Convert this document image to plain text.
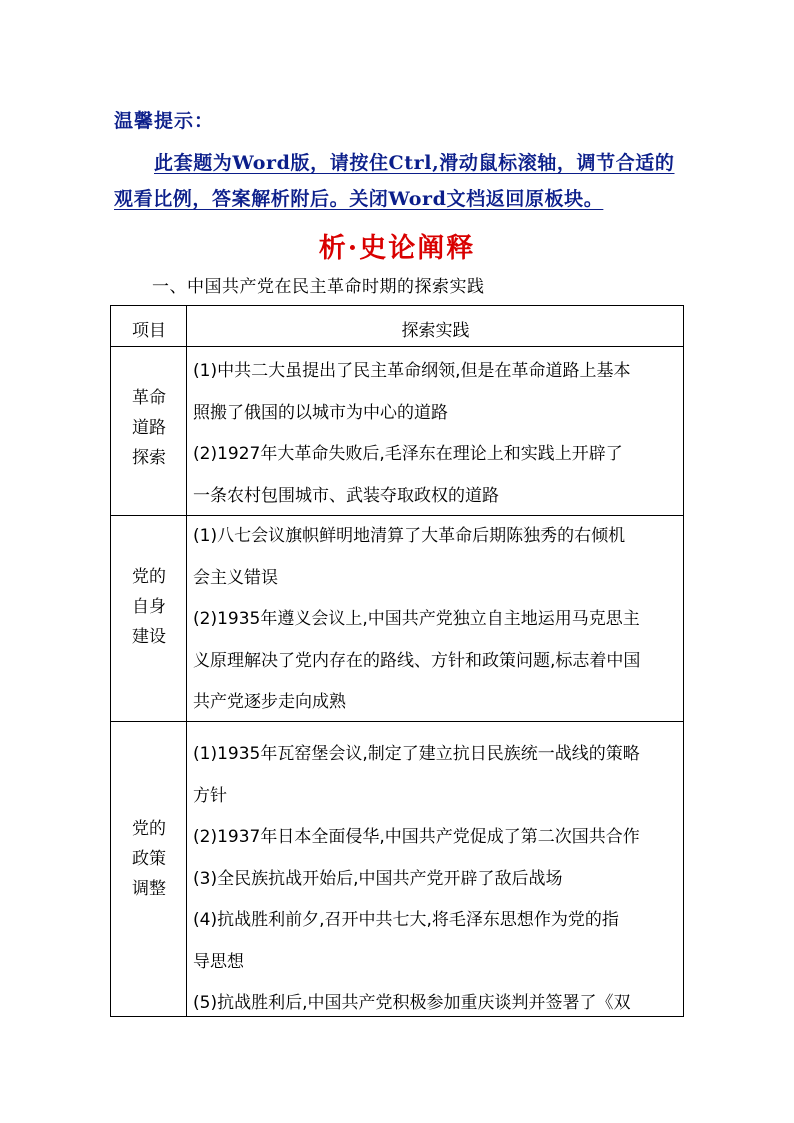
温馨提示：
此套题为Word版，请按住Ctrl,滑动鼠标滚轴，调节合适的观看比例，答案解析附后。关闭Word文档返回原板块。
析·史论阐释
一、中国共产党在民主革命时期的探索实践
项目	探索实践
革命
道路
探索
(1)中共二大虽提出了民主革命纲领,但是在革命道路上基本
照搬了俄国的以城市为中心的道路
(2)1927年大革命失败后,毛泽东在理论上和实践上开辟了
一条农村包围城市、武装夺取政权的道路
党的
自身
建设
(1)八七会议旗帜鲜明地清算了大革命后期陈独秀的右倾机
会主义错误
(2)1935年遵义会议上,中国共产党独立自主地运用马克思主
义原理解决了党内存在的路线、方针和政策问题,标志着中国
共产党逐步走向成熟
党的
政策
调整
(1)1935年瓦窑堡会议,制定了建立抗日民族统一战线的策略
方针
(2)1937年日本全面侵华,中国共产党促成了第二次国共合作
(3)全民族抗战开始后,中国共产党开辟了敌后战场
(4)抗战胜利前夕,召开中共七大,将毛泽东思想作为党的指
导思想
(5)抗战胜利后,中国共产党积极参加重庆谈判并签署了《双
